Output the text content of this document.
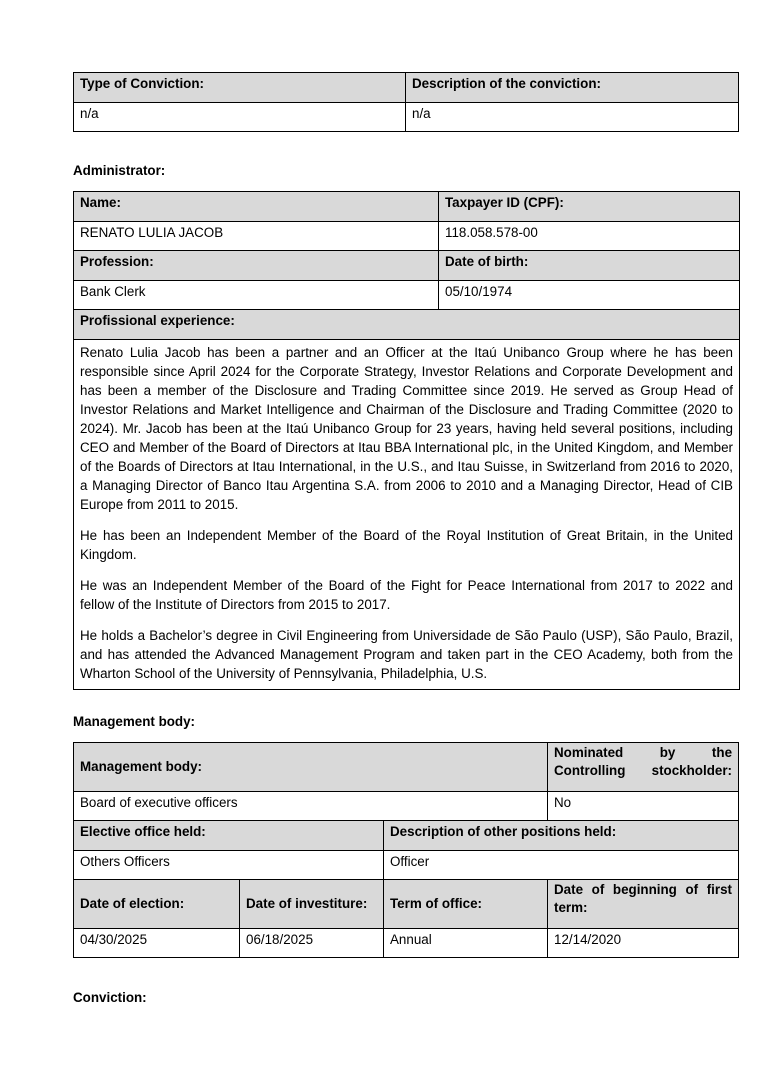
Type of Conviction:	Description of the conviction:
n/a	n/a
Administrator:
Name:	Taxpayer ID (CPF):
RENATO LULIA JACOB	118.058.578-00
Profession:	Date of birth:
Bank Clerk	05/10/1974
Profissional experience:	

Renato Lulia Jacob has been a partner and an Officer at the Itaú Unibanco Group where he has been responsible since April 2024 for the Corporate Strategy, Investor Relations and Corporate Development and has been a member of the Disclosure and Trading Committee since 2019. He served as Group Head of Investor Relations and Market Intelligence and Chairman of the Disclosure and Trading Committee (2020 to 2024). Mr. Jacob has been at the Itaú Unibanco Group for 23 years, having held several positions, including CEO and Member of the Board of Directors at Itau BBA International plc, in the United Kingdom, and Member of the Boards of Directors at Itau International, in the U.S., and Itau Suisse, in Switzerland from 2016 to 2020, a Managing Director of Banco Itau Argentina S.A. from 2006 to 2010 and a Managing Director, Head of CIB Europe from 2011 to 2015.

He has been an Independent Member of the Board of the Royal Institution of Great Britain, in the United Kingdom.

He was an Independent Member of the Board of the Fight for Peace International from 2017 to 2022 and fellow of the Institute of Directors from 2015 to 2017.

He holds a Bachelor’s degree in Civil Engineering from Universidade de São Paulo (USP), São Paulo, Brazil, and has attended the Advanced Management Program and taken part in the CEO Academy, both from the Wharton School of the University of Pennsylvania, Philadelphia, U.S.	

Management body:
Management body:			Nominated by the Controlling stockholder:
Board of executive officers			No
Elective office held:		Description of other positions held:	
Others Officers		Officer	
Date of election:	Date of investiture:	Term of office:	Date of beginning of first term:
04/30/2025	06/18/2025	Annual	12/14/2020
Conviction:
